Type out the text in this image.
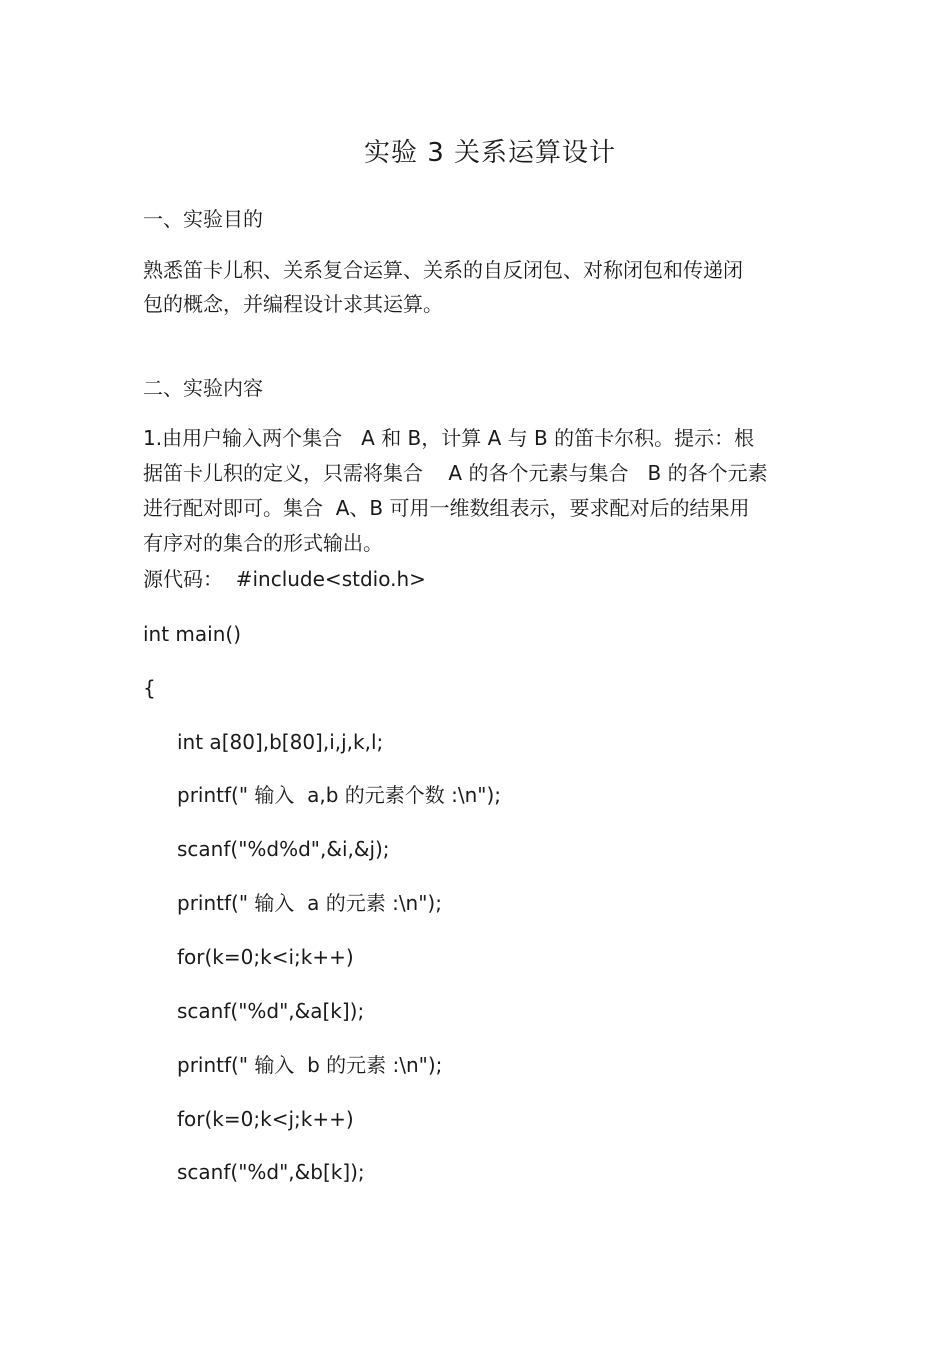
实验 3 关系运算设计
一、实验目的
熟悉笛卡儿积、关系复合运算、关系的自反闭包、对称闭包和传递闭
包的概念，并编程设计求其运算。
二、实验内容
1.由用户输入两个集合   A 和 B，计算 A 与 B 的笛卡尔积。提示：根
据笛卡儿积的定义，只需将集合    A 的各个元素与集合   B 的各个元素
进行配对即可。集合  A、B 可用一维数组表示，要求配对后的结果用
有序对的集合的形式输出。
源代码：  #include<stdio.h>
int main()
{
int a[80],b[80],i,j,k,l;
printf(" 输入  a,b 的元素个数 :\n");
scanf("%d%d",&i,&j);
printf(" 输入  a 的元素 :\n");
for(k=0;k<i;k++)
scanf("%d",&a[k]);
printf(" 输入  b 的元素 :\n");
for(k=0;k<j;k++)
scanf("%d",&b[k]);
